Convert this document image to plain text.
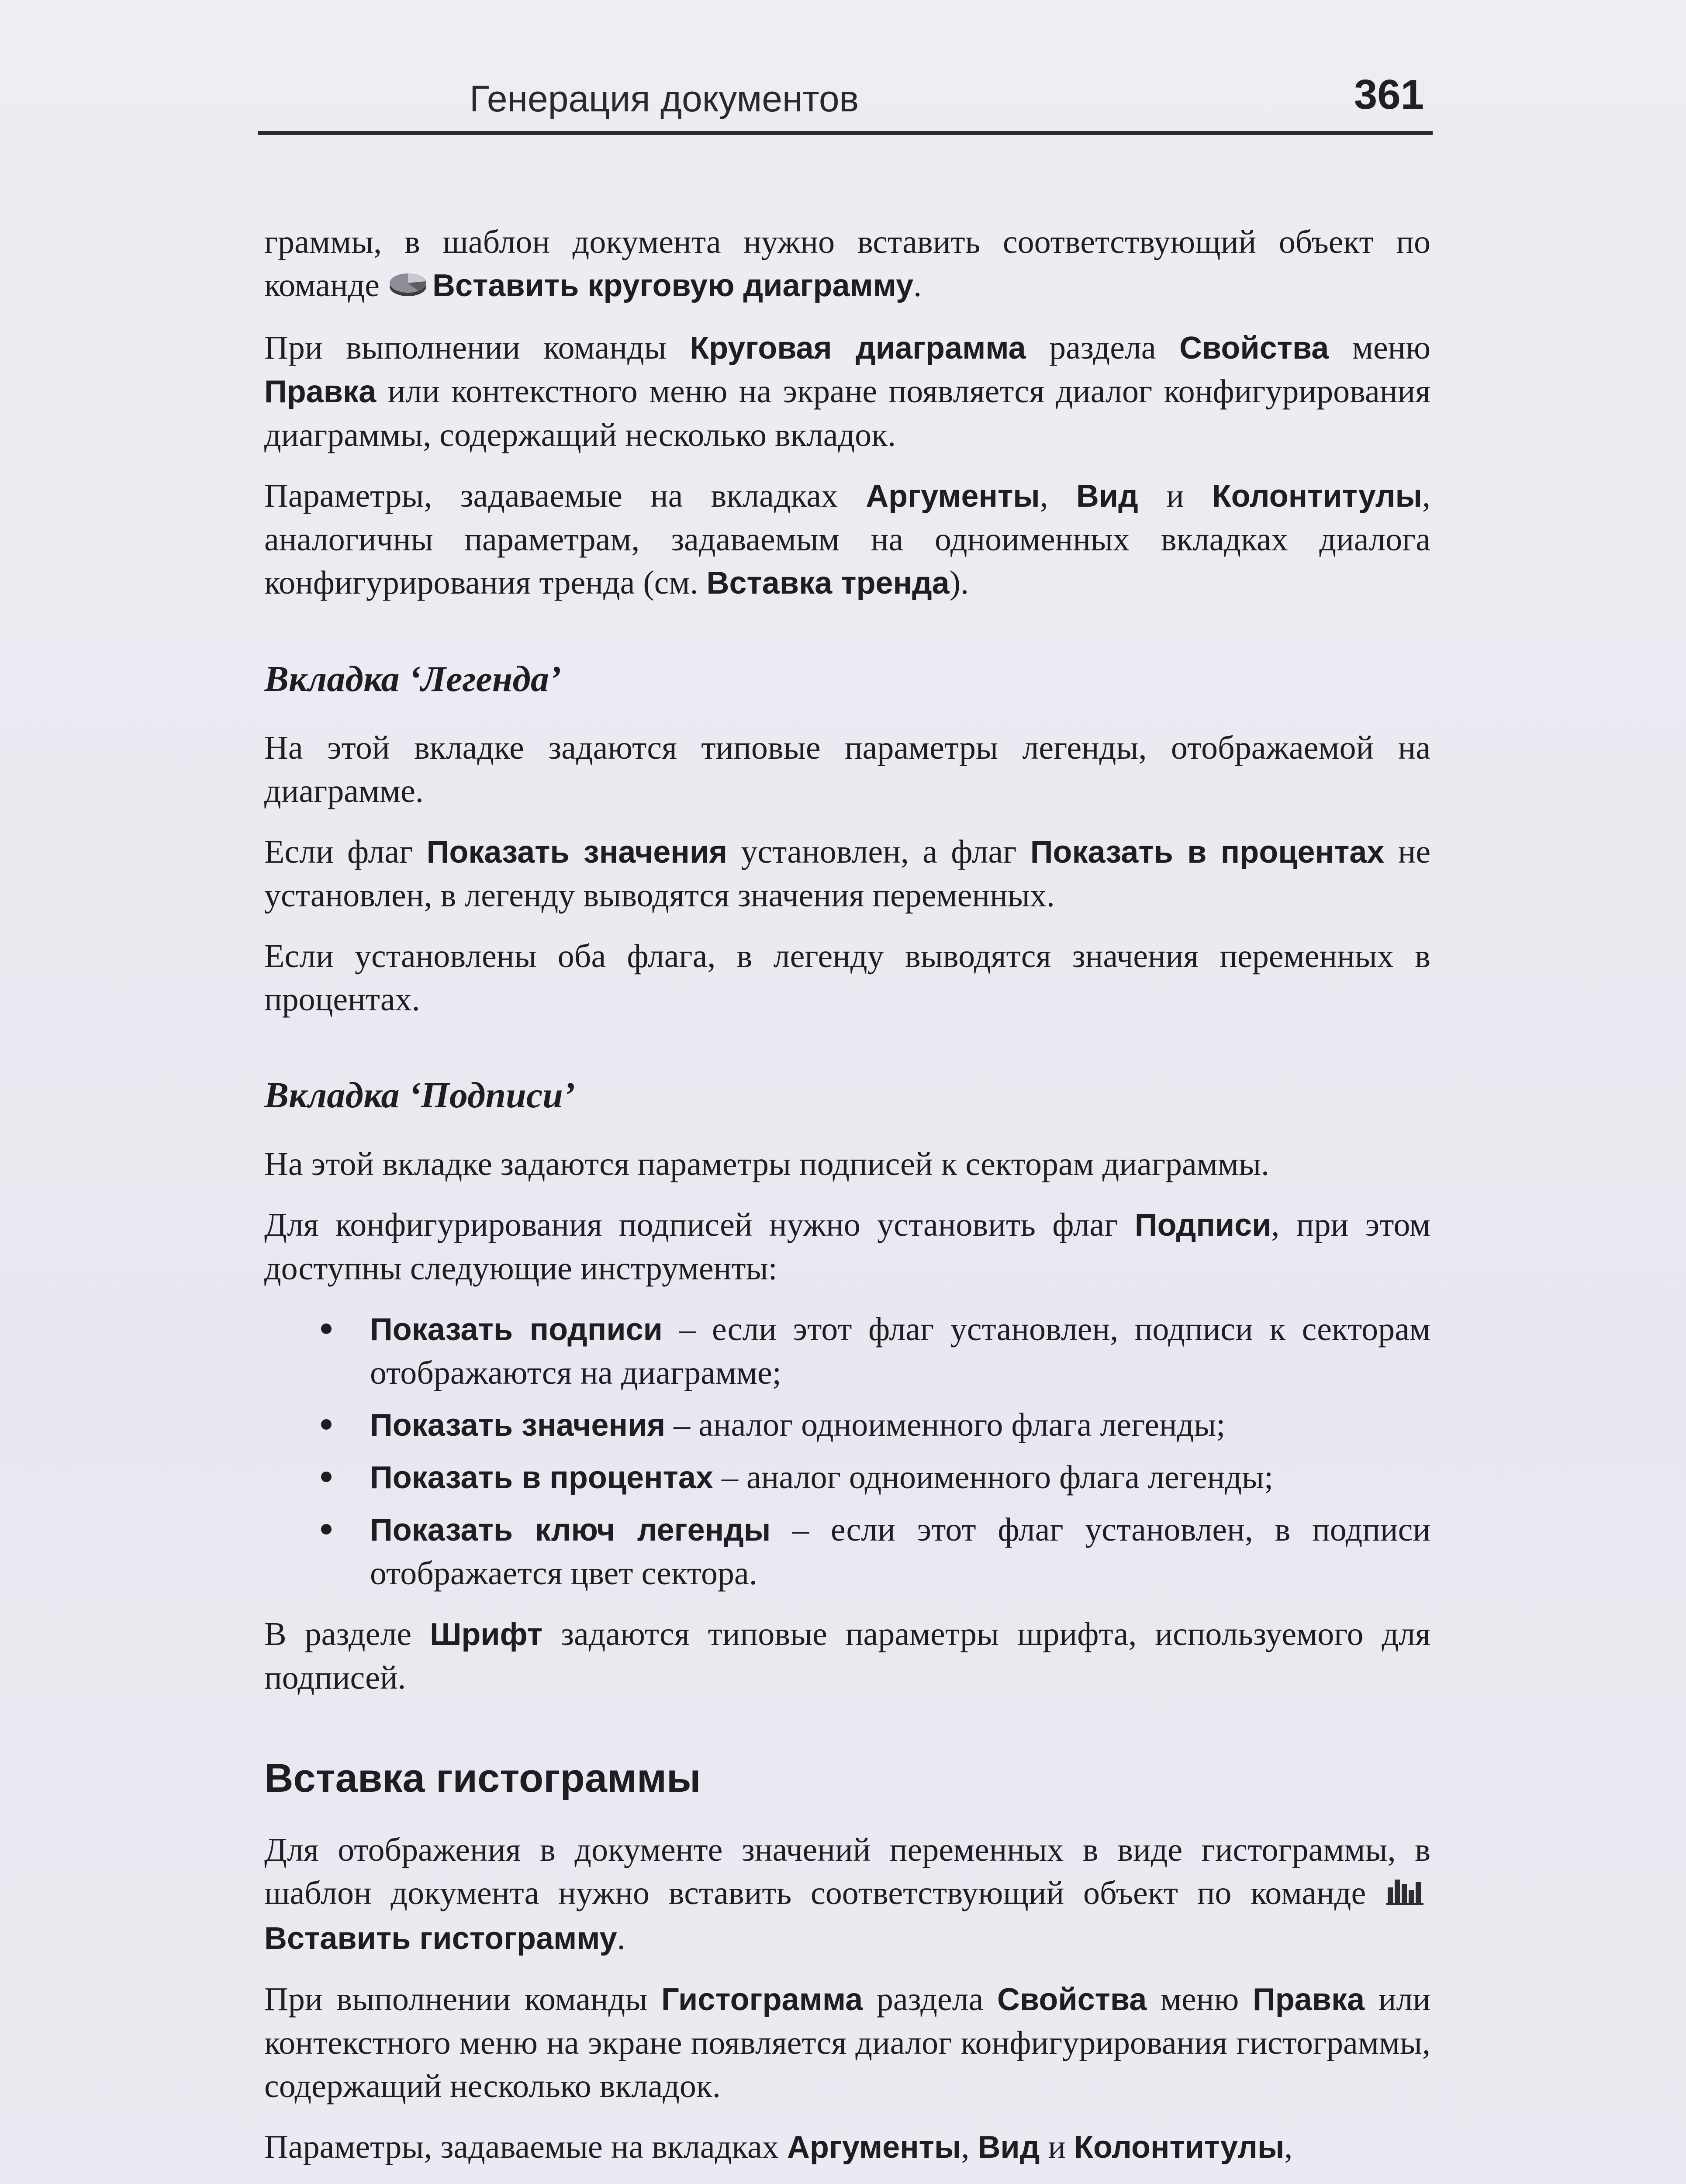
Генерация документов	361

граммы, в шаблон документа нужно вставить соответствующий объект по команде Вставить круговую диаграмму.

При выполнении команды Круговая диаграмма раздела Свойства меню Правка или контекстного меню на экране появляется диалог конфигурирования диаграммы, содержащий несколько вкладок.

Параметры, задаваемые на вкладках Аргументы, Вид и Колонтитулы, аналогичны параметрам, задаваемым на одноименных вкладках диалога конфигурирования тренда (см. Вставка тренда).

Вкладка ‘Легенда’

На этой вкладке задаются типовые параметры легенды, отображаемой на диаграмме.

Если флаг Показать значения установлен, а флаг Показать в процентах не установлен, в легенду выводятся значения переменных.

Если установлены оба флага, в легенду выводятся значения переменных в процентах.

Вкладка ‘Подписи’

На этой вкладке задаются параметры подписей к секторам диаграммы.

Для конфигурирования подписей нужно установить флаг Подписи, при этом доступны следующие инструменты:

Показать подписи – если этот флаг установлен, подписи к секторам отображаются на диаграмме;
Показать значения – аналог одноименного флага легенды;
Показать в процентах – аналог одноименного флага легенды;
Показать ключ легенды – если этот флаг установлен, в подписи отображается цвет сектора.

В разделе Шрифт задаются типовые параметры шрифта, используемого для подписей.

Вставка гистограммы

Для отображения в документе значений переменных в виде гистограммы, в шаблон документа нужно вставить соответствующий объект по команде Вставить гистограмму.

При выполнении команды Гистограмма раздела Свойства меню Правка или контекстного меню на экране появляется диалог конфигурирования гистограммы, содержащий несколько вкладок.

Параметры, задаваемые на вкладках Аргументы, Вид и Колонтитулы,
